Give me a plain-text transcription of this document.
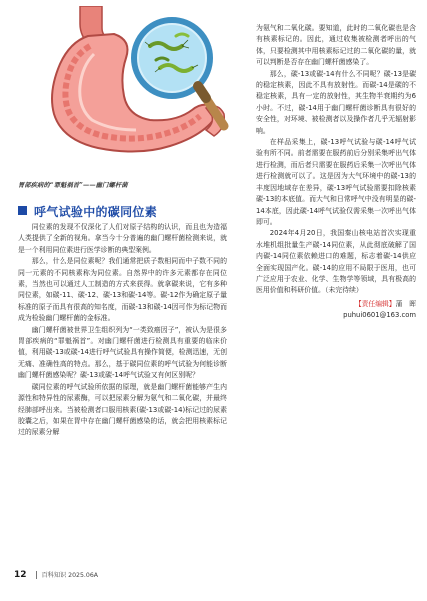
胃部疾病的“罪魁祸首”——幽门螺杆菌
呼气试验中的碳同位素

同位素的发现不仅深化了人们对原子结构的认识，而且也为造福人类提供了全新的视角。拿当今十分普遍的幽门螺杆菌检测来说，就是一个利用同位素进行医学诊断的典型案例。

那么，什么是同位素呢？我们通常把质子数相同而中子数不同的同一元素的不同核素称为同位素。自然界中的许多元素都存在同位素，当然也可以通过人工制造的方式来获得。就拿碳来说，它有多种同位素，如碳-11、碳-12、碳-13和碳-14等。碳-12作为确定原子量标准的原子而具有很高的知名度，而碳-13和碳-14因可作为标记物而成为检验幽门螺杆菌的金标准。

幽门螺杆菌被世界卫生组织列为“一类致癌因子”，被认为是很多胃部疾病的“罪魁祸首”。对幽门螺杆菌进行检测具有重要的临床价值，利用碳-13或碳-14进行呼气试验具有操作简便，检测迅速，无创无痛、准确性高的特点。那么，基于碳同位素的呼气试验为何能诊断幽门螺杆菌感染呢？碳-13或碳-14呼气试验又有何区别呢？

碳同位素的呼气试验所依据的原理，就是幽门螺杆菌能够产生内源性和特异性的尿素酶，可以把尿素分解为氨气和二氧化碳，并最终经肺部呼出来。当被检测者口服用核素(碳-13或碳-14)标记过的尿素胶囊之后，如果在胃中存在幽门螺杆菌感染的话，就会把用核素标记过的尿素分解

为氨气和二氧化碳。要知道，此时的二氧化碳也是含有核素标记的。因此，通过收集被检测者呼出的气体，只要检测其中用核素标记过的二氧化碳的量，就可以判断是否存在幽门螺杆菌感染了。

那么，碳-13或碳-14有什么不同呢？碳-13是碳的稳定核素，因此不具有放射性。而碳-14是碳的不稳定核素，具有一定的放射性，其生物半衰期约为6小时。不过，碳-14用于幽门螺杆菌诊断具有很好的安全性，对环境、被检测者以及操作者几乎无辐射影响。

在样品采集上，碳-13呼气试验与碳-14呼气试验有所不同。前者需要在服药前后分别采集呼出气体进行检测，而后者只需要在服药后采集一次呼出气体进行检测就可以了。这是因为大气环境中的碳-13的丰度因地域存在差异，碳-13呼气试验需要扣除核素碳-13的本底值。而大气和日常呼气中没有明显的碳-14本底，因此碳-14呼气试验仅需采集一次呼出气体即可。

2024年4月20日，我国秦山核电站首次实现重水堆机组批量生产碳-14同位素，从此彻底破解了国内碳-14同位素依赖进口的难题，标志着碳-14供应全面实现国产化。碳-14的应用不局限于医用，也可广泛应用于农业、化学、生物学等领域，具有极高的医用价值和科研价值。（未完待续）

【责任编辑】 蒲　晖
puhui0601@163.com
12 百科知识 2025.06A
